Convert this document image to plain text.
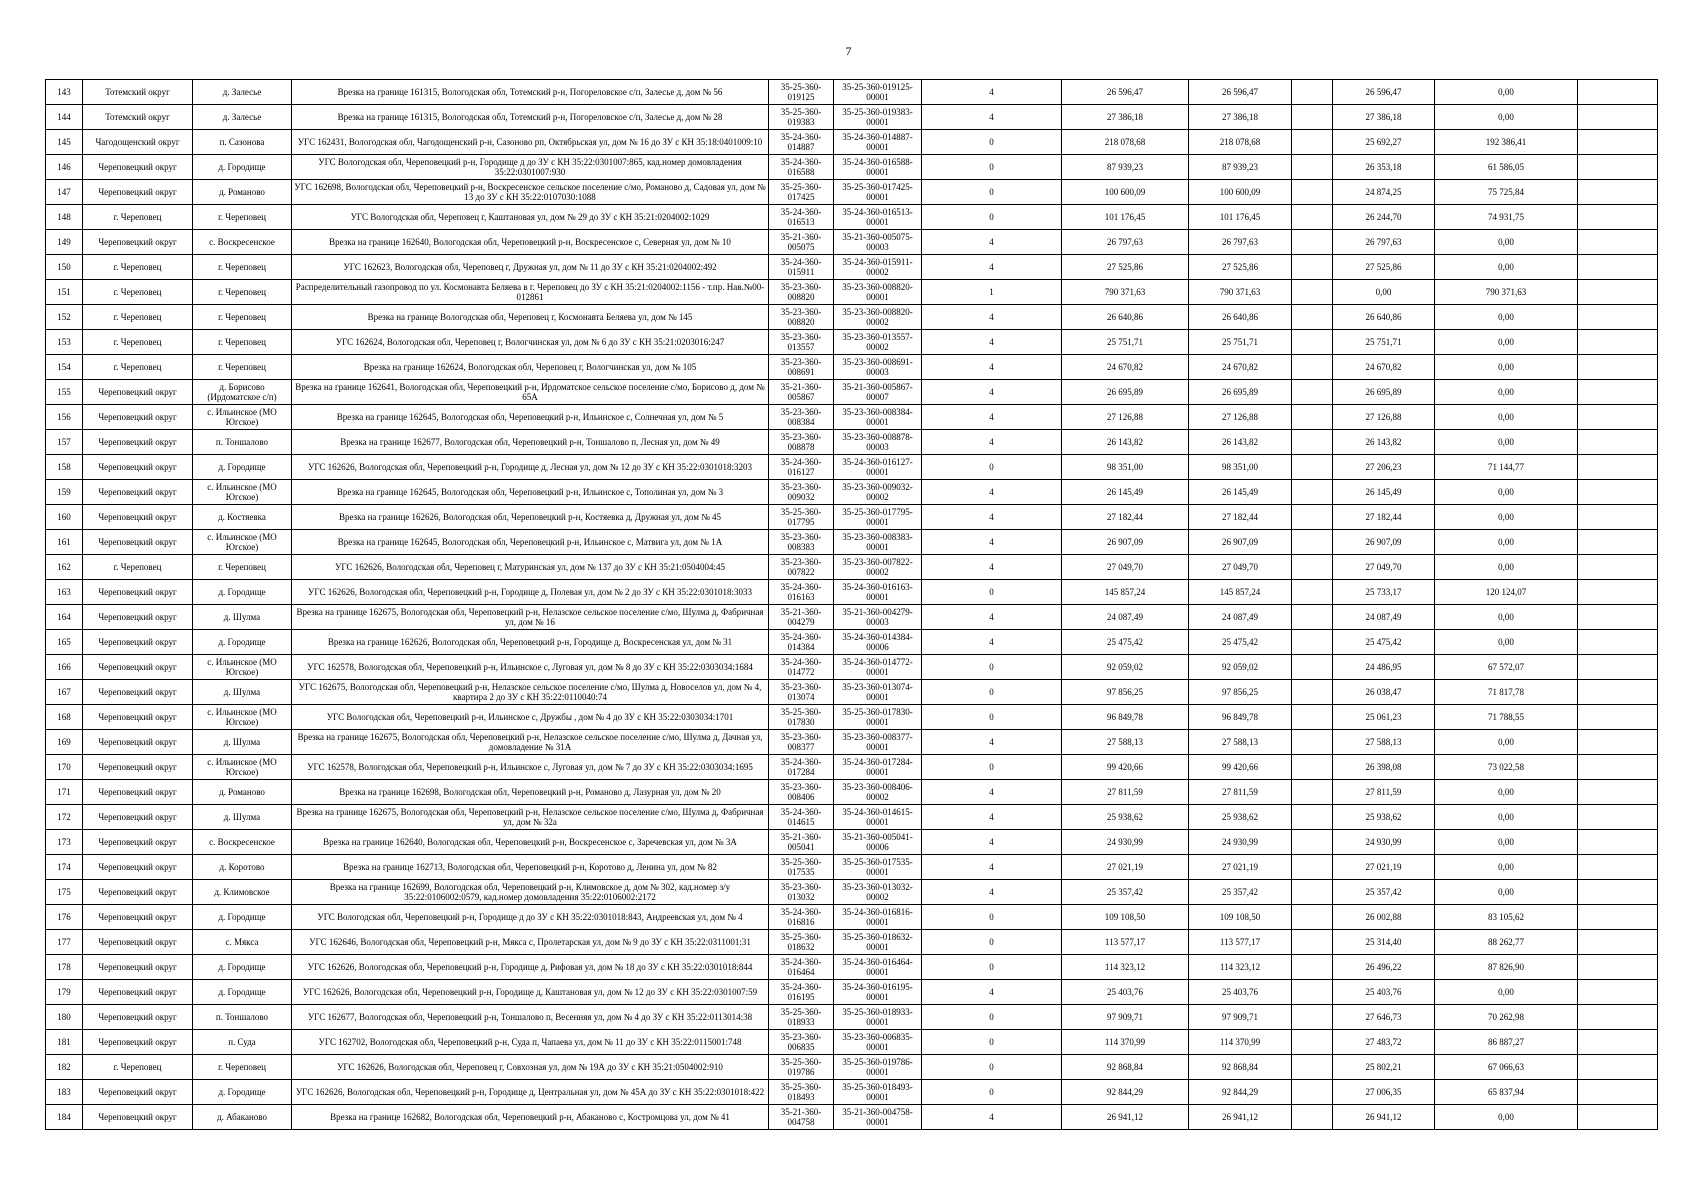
7
143	Тотемский округ	д. Залесье	Врезка на границе 161315, Вологодская обл, Тотемский р-н, Погореловское с/п, Залесье д, дом № 56	35-25-360-019125	35-25-360-019125-00001	4	26 596,47	26 596,47		26 596,47	0,00	
144	Тотемский округ	д. Залесье	Врезка на границе 161315, Вологодская обл, Тотемский р-н, Погореловское с/п, Залесье д, дом № 28	35-25-360-019383	35-25-360-019383-00001	4	27 386,18	27 386,18		27 386,18	0,00	
145	Чагодощенский округ	п. Сазонова	УГС 162431, Вологодская обл, Чагодощенский р-н, Сазоново рп, Октябрьская ул, дом № 16 до ЗУ с КН 35:18:0401009:10	35-24-360-014887	35-24-360-014887-00001	0	218 078,68	218 078,68		25 692,27	192 386,41	
146	Череповецкий округ	д. Городище	УГС Вологодская обл, Череповецкий р-н, Городище д до ЗУ с КН 35:22:0301007:865, кад.номер домовладения 35:22:0301007:930	35-24-360-016588	35-24-360-016588-00001	0	87 939,23	87 939,23		26 353,18	61 586,05	
147	Череповецкий округ	д. Романово	УГС 162698, Вологодская обл, Череповецкий р-н, Воскресенское сельское поселение с/мо, Романово д, Садовая ул, дом № 13 до ЗУ с КН 35:22:0107030:1088	35-25-360-017425	35-25-360-017425-00001	0	100 600,09	100 600,09		24 874,25	75 725,84	
148	г. Череповец	г. Череповец	УГС Вологодская обл, Череповец г, Каштановая ул, дом № 29 до ЗУ с КН 35:21:0204002:1029	35-24-360-016513	35-24-360-016513-00001	0	101 176,45	101 176,45		26 244,70	74 931,75	
149	Череповецкий округ	с. Воскресенское	Врезка на границе 162640, Вологодская обл, Череповецкий р-н, Воскресенское с, Северная ул, дом № 10	35-21-360-005075	35-21-360-005075-00003	4	26 797,63	26 797,63		26 797,63	0,00	
150	г. Череповец	г. Череповец	УГС 162623, Вологодская обл, Череповец г, Дружная ул, дом № 11 до ЗУ с КН 35:21:0204002:492	35-24-360-015911	35-24-360-015911-00002	4	27 525,86	27 525,86		27 525,86	0,00	
151	г. Череповец	г. Череповец	Распределительный газопровод по ул. Космонавта Беляева в г. Череповец до ЗУ с КН 35:21:0204002:1156 - т.пр. Нав.№00-012861	35-23-360-008820	35-23-360-008820-00001	1	790 371,63	790 371,63		0,00	790 371,63	
152	г. Череповец	г. Череповец	Врезка на границе Вологодская обл, Череповец г, Космонавта Беляева ул, дом № 145	35-23-360-008820	35-23-360-008820-00002	4	26 640,86	26 640,86		26 640,86	0,00	
153	г. Череповец	г. Череповец	УГС 162624, Вологодская обл, Череповец г, Вологчинская ул, дом № 6 до ЗУ с КН 35:21:0203016:247	35-23-360-013557	35-23-360-013557-00002	4	25 751,71	25 751,71		25 751,71	0,00	
154	г. Череповец	г. Череповец	Врезка на границе 162624, Вологодская обл, Череповец г, Вологчинская ул, дом № 105	35-23-360-008691	35-23-360-008691-00003	4	24 670,82	24 670,82		24 670,82	0,00	
155	Череповецкий округ	д. Борисово (Ирдоматское с/п)	Врезка на границе 162641, Вологодская обл, Череповецкий р-н, Ирдоматское сельское поселение с/мо, Борисово д, дом № 65А	35-21-360-005867	35-21-360-005867-00007	4	26 695,89	26 695,89		26 695,89	0,00	
156	Череповецкий округ	с. Ильинское (МО Югское)	Врезка на границе 162645, Вологодская обл, Череповецкий р-н, Ильинское с, Солнечная ул, дом № 5	35-23-360-008384	35-23-360-008384-00001	4	27 126,88	27 126,88		27 126,88	0,00	
157	Череповецкий округ	п. Тоншалово	Врезка на границе 162677, Вологодская обл, Череповецкий р-н, Тоншалово п, Лесная ул, дом № 49	35-23-360-008878	35-23-360-008878-00003	4	26 143,82	26 143,82		26 143,82	0,00	
158	Череповецкий округ	д. Городище	УГС 162626, Вологодская обл, Череповецкий р-н, Городище д, Лесная ул, дом № 12 до ЗУ с КН 35:22:0301018:3203	35-24-360-016127	35-24-360-016127-00001	0	98 351,00	98 351,00		27 206,23	71 144,77	
159	Череповецкий округ	с. Ильинское (МО Югское)	Врезка на границе 162645, Вологодская обл, Череповецкий р-н, Ильинское с, Тополиная ул, дом № 3	35-23-360-009032	35-23-360-009032-00002	4	26 145,49	26 145,49		26 145,49	0,00	
160	Череповецкий округ	д. Костяевка	Врезка на границе 162626, Вологодская обл, Череповецкий р-н, Костяевка д, Дружная ул, дом № 45	35-25-360-017795	35-25-360-017795-00001	4	27 182,44	27 182,44		27 182,44	0,00	
161	Череповецкий округ	с. Ильинское (МО Югское)	Врезка на границе 162645, Вологодская обл, Череповецкий р-н, Ильинское с, Матвига ул, дом № 1А	35-23-360-008383	35-23-360-008383-00001	4	26 907,09	26 907,09		26 907,09	0,00	
162	г. Череповец	г. Череповец	УГС 162626, Вологодская обл, Череповец г, Матуринская ул, дом № 137 до ЗУ с КН 35:21:0504004:45	35-23-360-007822	35-23-360-007822-00002	4	27 049,70	27 049,70		27 049,70	0,00	
163	Череповецкий округ	д. Городище	УГС 162626, Вологодская обл, Череповецкий р-н, Городище д, Полевая ул, дом № 2 до ЗУ с КН 35:22:0301018:3033	35-24-360-016163	35-24-360-016163-00001	0	145 857,24	145 857,24		25 733,17	120 124,07	
164	Череповецкий округ	д. Шулма	Врезка на границе 162675, Вологодская обл, Череповецкий р-н, Нелазское сельское поселение с/мо, Шулма д, Фабричная ул, дом № 16	35-21-360-004279	35-21-360-004279-00003	4	24 087,49	24 087,49		24 087,49	0,00	
165	Череповецкий округ	д. Городище	Врезка на границе 162626, Вологодская обл, Череповецкий р-н, Городище д, Воскресенская ул, дом № 31	35-24-360-014384	35-24-360-014384-00006	4	25 475,42	25 475,42		25 475,42	0,00	
166	Череповецкий округ	с. Ильинское (МО Югское)	УГС 162578, Вологодская обл, Череповецкий р-н, Ильинское с, Луговая ул, дом № 8 до ЗУ с КН 35:22:0303034:1684	35-24-360-014772	35-24-360-014772-00001	0	92 059,02	92 059,02		24 486,95	67 572,07	
167	Череповецкий округ	д. Шулма	УГС 162675, Вологодская обл, Череповецкий р-н, Нелазское сельское поселение с/мо, Шулма д, Новоселов ул, дом № 4, квартира 2 до ЗУ с КН 35:22:0110040:74	35-23-360-013074	35-23-360-013074-00001	0	97 856,25	97 856,25		26 038,47	71 817,78	
168	Череповецкий округ	с. Ильинское (МО Югское)	УГС Вологодская обл, Череповецкий р-н, Ильинское с, Дружбы , дом № 4 до ЗУ с КН 35:22:0303034:1701	35-25-360-017830	35-25-360-017830-00001	0	96 849,78	96 849,78		25 061,23	71 788,55	
169	Череповецкий округ	д. Шулма	Врезка на границе 162675, Вологодская обл, Череповецкий р-н, Нелазское сельское поселение с/мо, Шулма д, Дачная ул, домовладение № 31А	35-23-360-008377	35-23-360-008377-00001	4	27 588,13	27 588,13		27 588,13	0,00	
170	Череповецкий округ	с. Ильинское (МО Югское)	УГС 162578, Вологодская обл, Череповецкий р-н, Ильинское с, Луговая ул, дом № 7 до ЗУ с КН 35:22:0303034:1695	35-24-360-017284	35-24-360-017284-00001	0	99 420,66	99 420,66		26 398,08	73 022,58	
171	Череповецкий округ	д. Романово	Врезка на границе 162698, Вологодская обл, Череповецкий р-н, Романово д, Лазурная ул, дом № 20	35-23-360-008406	35-23-360-008406-00002	4	27 811,59	27 811,59		27 811,59	0,00	
172	Череповецкий округ	д. Шулма	Врезка на границе 162675, Вологодская обл, Череповецкий р-н, Нелазское сельское поселение с/мо, Шулма д, Фабричная ул, дом № 32а	35-24-360-014615	35-24-360-014615-00001	4	25 938,62	25 938,62		25 938,62	0,00	
173	Череповецкий округ	с. Воскресенское	Врезка на границе 162640, Вологодская обл, Череповецкий р-н, Воскресенское с, Заречевская ул, дом № 3А	35-21-360-005041	35-21-360-005041-00006	4	24 930,99	24 930,99		24 930,99	0,00	
174	Череповецкий округ	д. Коротово	Врезка на границе 162713, Вологодская обл, Череповецкий р-н, Коротово д, Ленина ул, дом № 82	35-25-360-017535	35-25-360-017535-00001	4	27 021,19	27 021,19		27 021,19	0,00	
175	Череповецкий округ	д. Климовское	Врезка на границе 162699, Вологодская обл, Череповецкий р-н, Климовское д, дом № 302, кад.номер з/у 35:22:0106002:0579, кад.номер домовладения 35:22:0106002:2172	35-23-360-013032	35-23-360-013032-00002	4	25 357,42	25 357,42		25 357,42	0,00	
176	Череповецкий округ	д. Городище	УГС Вологодская обл, Череповецкий р-н, Городище д до ЗУ с КН 35:22:0301018:843, Андреевская ул, дом № 4	35-24-360-016816	35-24-360-016816-00001	0	109 108,50	109 108,50		26 002,88	83 105,62	
177	Череповецкий округ	с. Мякса	УГС 162646, Вологодская обл, Череповецкий р-н, Мякса с, Пролетарская ул, дом № 9 до ЗУ с КН 35:22:0311001:31	35-25-360-018632	35-25-360-018632-00001	0	113 577,17	113 577,17		25 314,40	88 262,77	
178	Череповецкий округ	д. Городище	УГС 162626, Вологодская обл, Череповецкий р-н, Городище д, Рифовая ул, дом № 18 до ЗУ с КН 35:22:0301018:844	35-24-360-016464	35-24-360-016464-00001	0	114 323,12	114 323,12		26 496,22	87 826,90	
179	Череповецкий округ	д. Городище	УГС 162626, Вологодская обл, Череповецкий р-н, Городище д, Каштановая ул, дом № 12 до ЗУ с КН 35:22:0301007:59	35-24-360-016195	35-24-360-016195-00001	4	25 403,76	25 403,76		25 403,76	0,00	
180	Череповецкий округ	п. Тоншалово	УГС 162677, Вологодская обл, Череповецкий р-н, Тоншалово п, Весенняя ул, дом № 4 до ЗУ с КН 35:22:0113014:38	35-25-360-018933	35-25-360-018933-00001	0	97 909,71	97 909,71		27 646,73	70 262,98	
181	Череповецкий округ	п. Суда	УГС 162702, Вологодская обл, Череповецкий р-н, Суда п, Чапаева ул, дом № 11 до ЗУ с КН 35:22:0115001:748	35-23-360-006835	35-23-360-006835-00001	0	114 370,99	114 370,99		27 483,72	86 887,27	
182	г. Череповец	г. Череповец	УГС 162626, Вологодская обл, Череповец г, Совхозная ул, дом № 19А до ЗУ с КН 35:21:0504002:910	35-25-360-019786	35-25-360-019786-00001	0	92 868,84	92 868,84		25 802,21	67 066,63	
183	Череповецкий округ	д. Городище	УГС 162626, Вологодская обл, Череповецкий р-н, Городище д, Центральная ул, дом № 45А до ЗУ с КН 35:22:0301018:422	35-25-360-018493	35-25-360-018493-00001	0	92 844,29	92 844,29		27 006,35	65 837,94	
184	Череповецкий округ	д. Абаканово	Врезка на границе 162682, Вологодская обл, Череповецкий р-н, Абаканово с, Костромцова ул, дом № 41	35-21-360-004758	35-21-360-004758-00001	4	26 941,12	26 941,12		26 941,12	0,00	
